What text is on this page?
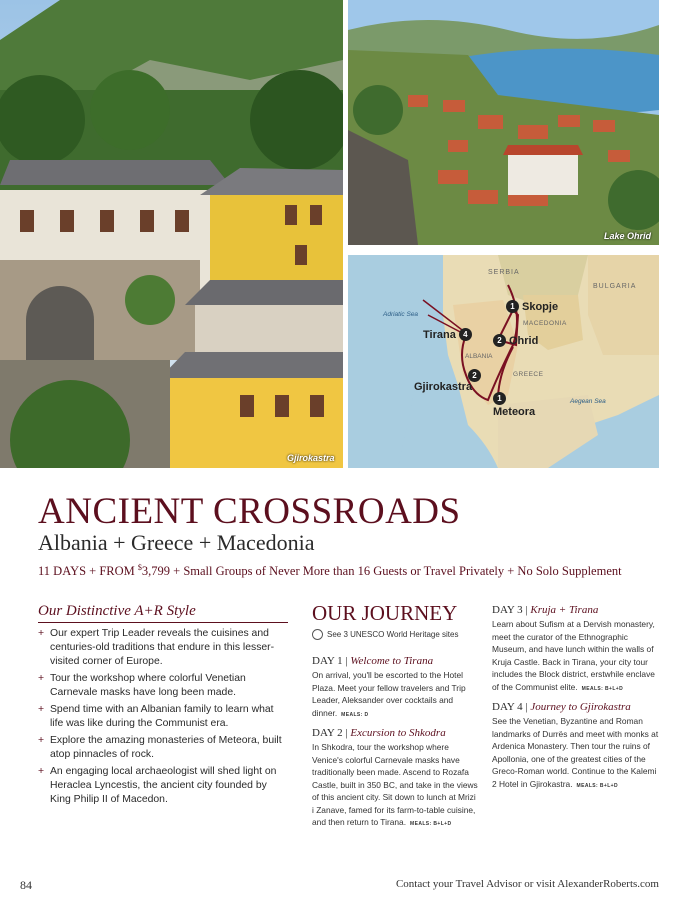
Gjirokastra
Lake Ohrid
SERBIA
BULGARIA
MACEDONIA
ALBANIA
GREECE
Adriatic Sea
Aegean Sea
1 Skopje
2 Ohrid
Tirana 4
2
Gjirokastra
1
Meteora
ANCIENT CROSSROADS
Albania + Greece + Macedonia
11 DAYS + FROM $3,799 + Small Groups of Never More than 16 Guests or Travel Privately + No Solo Supplement
Our Distinctive A+R Style
+ Our expert Trip Leader reveals the cuisines and centuries-old traditions that endure in this lesser-visited corner of Europe.
+ Tour the workshop where colorful Venetian Carnevale masks have long been made.
+ Spend time with an Albanian family to learn what life was like during the Communist era.
+ Explore the amazing monasteries of Meteora, built atop pinnacles of rock.
+ An engaging local archaeologist will shed light on Heraclea Lyncestis, the ancient city founded by King Philip II of Macedon.
OUR JOURNEY
See 3 UNESCO World Heritage sites

DAY 1 | Welcome to Tirana

On arrival, you'll be escorted to the Hotel Plaza. Meet your fellow travelers and Trip Leader, Aleksander over cocktails and dinner. MEALS: D

DAY 2 | Excursion to Shkodra

In Shkodra, tour the workshop where Venice's colorful Carnevale masks have traditionally been made. Ascend to Rozafa Castle, built in 350 BC, and take in the views of this ancient city. Sit down to lunch at Mrizi i Zanave, famed for its farm-to-table cuisine, and then return to Tirana. MEALS: B+L+D

DAY 3 | Kruja + Tirana

Learn about Sufism at a Dervish monastery, meet the curator of the Ethnographic Museum, and have lunch within the walls of Kruja Castle. Back in Tirana, your city tour includes the Block district, erstwhile enclave of the Communist elite. MEALS: B+L+D

DAY 4 | Journey to Gjirokastra

See the Venetian, Byzantine and Roman landmarks of Durrës and meet with monks at Ardenica Monastery. Then tour the ruins of Apollonia, one of the greatest cities of the Greco-Roman world. Continue to the Kalemi 2 Hotel in Gjirokastra. MEALS: B+L+D

84	Contact your Travel Advisor or visit AlexanderRoberts.com
